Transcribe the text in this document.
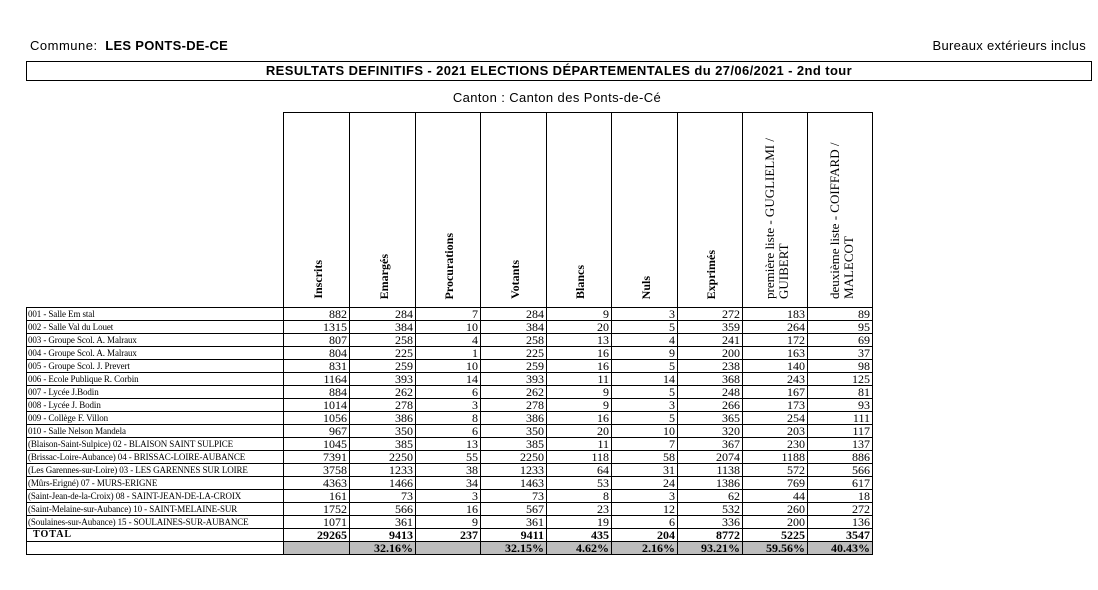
Commune: LES PONTS-DE-CE	Bureaux extérieurs inclus
RESULTATS DEFINITIFS - 2021 ELECTIONS DÉPARTEMENTALES du 27/06/2021 - 2nd tour
Canton : Canton des Ponts-de-Cé
	Inscrits	Emargés	Procurations	Votants	Blancs	Nuls	Exprimés	première liste - GUGLIELMI / GUIBERT	deuxième liste - COIFFARD / MALECOT
001 - Salle Em stal	882	284	7	284	9	3	272	183	89
002 - Salle Val du Louet	1315	384	10	384	20	5	359	264	95
003 - Groupe Scol. A. Malraux	807	258	4	258	13	4	241	172	69
004 - Groupe Scol. A. Malraux	804	225	1	225	16	9	200	163	37
005 - Groupe Scol. J. Prevert	831	259	10	259	16	5	238	140	98
006 - Ecole Publique R. Corbin	1164	393	14	393	11	14	368	243	125
007 - Lycée J.Bodin	884	262	6	262	9	5	248	167	81
008 - Lycée J. Bodin	1014	278	3	278	9	3	266	173	93
009 - Collège F. Villon	1056	386	8	386	16	5	365	254	111
010 - Salle Nelson Mandela	967	350	6	350	20	10	320	203	117
(Blaison-Saint-Sulpice) 02 - BLAISON SAINT SULPICE	1045	385	13	385	11	7	367	230	137
(Brissac-Loire-Aubance) 04 - BRISSAC-LOIRE-AUBANCE	7391	2250	55	2250	118	58	2074	1188	886
(Les Garennes-sur-Loire) 03 - LES GARENNES SUR LOIRE	3758	1233	38	1233	64	31	1138	572	566
(Mûrs-Erigné) 07 - MURS-ERIGNE	4363	1466	34	1463	53	24	1386	769	617
(Saint-Jean-de-la-Croix) 08 - SAINT-JEAN-DE-LA-CROIX	161	73	3	73	8	3	62	44	18
(Saint-Melaine-sur-Aubance) 10 - SAINT-MELAINE-SUR	1752	566	16	567	23	12	532	260	272
(Soulaines-sur-Aubance) 15 - SOULAINES-SUR-AUBANCE	1071	361	9	361	19	6	336	200	136
TOTAL	29265	9413	237	9411	435	204	8772	5225	3547
		32.16%		32.15%	4.62%	2.16%	93.21%	59.56%	40.43%
